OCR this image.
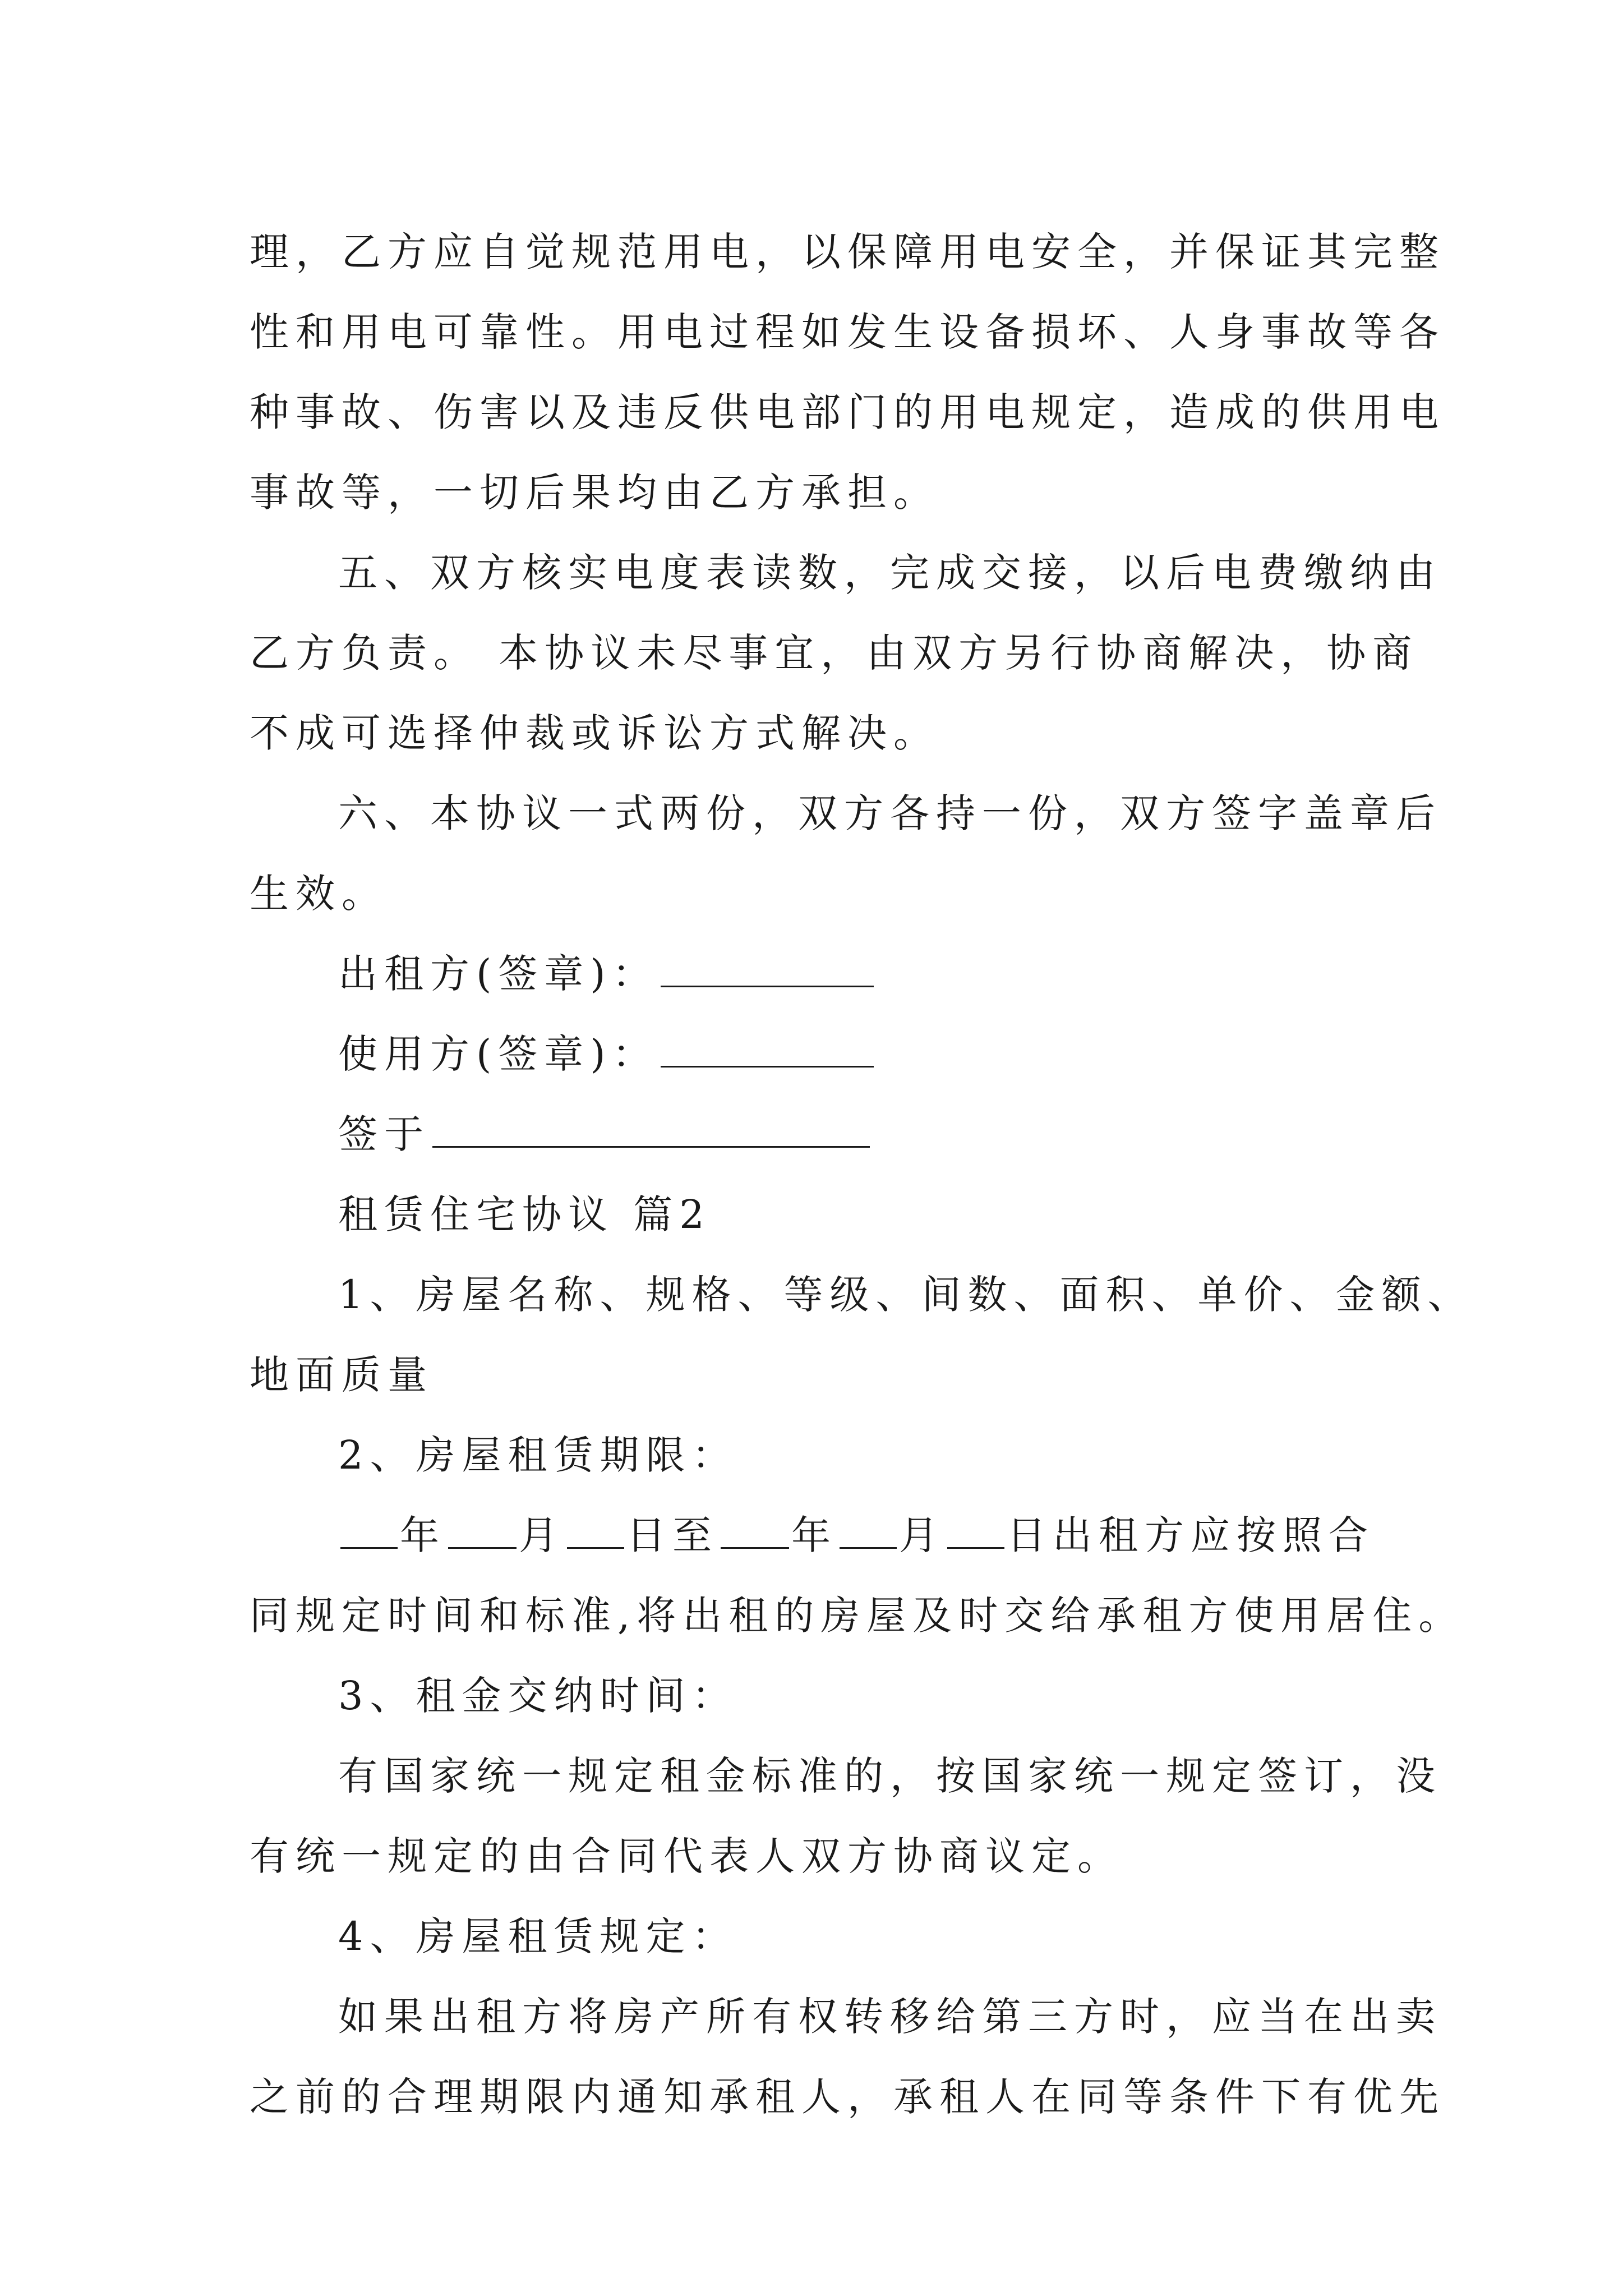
理，乙方应自觉规范用电，以保障用电安全，并保证其完整
性和用电可靠性。用电过程如发生设备损坏、人身事故等各
种事故、伤害以及违反供电部门的用电规定，造成的供用电
事故等，一切后果均由乙方承担。
五、双方核实电度表读数，完成交接，以后电费缴纳由
乙方负责。 本协议未尽事宜，由双方另行协商解决，协商
不成可选择仲裁或诉讼方式解决。
六、本协议一式两份，双方各持一份，双方签字盖章后
生效。
出租方(签章)：
使用方(签章)：
签于
租赁住宅协议 篇2
1、房屋名称、规格、等级、间数、面积、单价、金额、
地面质量
2、房屋租赁期限：
年 月 日至 年 月 日出租方应按照合
同规定时间和标准,将出租的房屋及时交给承租方使用居住。
3、租金交纳时间：
有国家统一规定租金标准的，按国家统一规定签订，没
有统一规定的由合同代表人双方协商议定。
4、房屋租赁规定：
如果出租方将房产所有权转移给第三方时，应当在出卖
之前的合理期限内通知承租人，承租人在同等条件下有优先
